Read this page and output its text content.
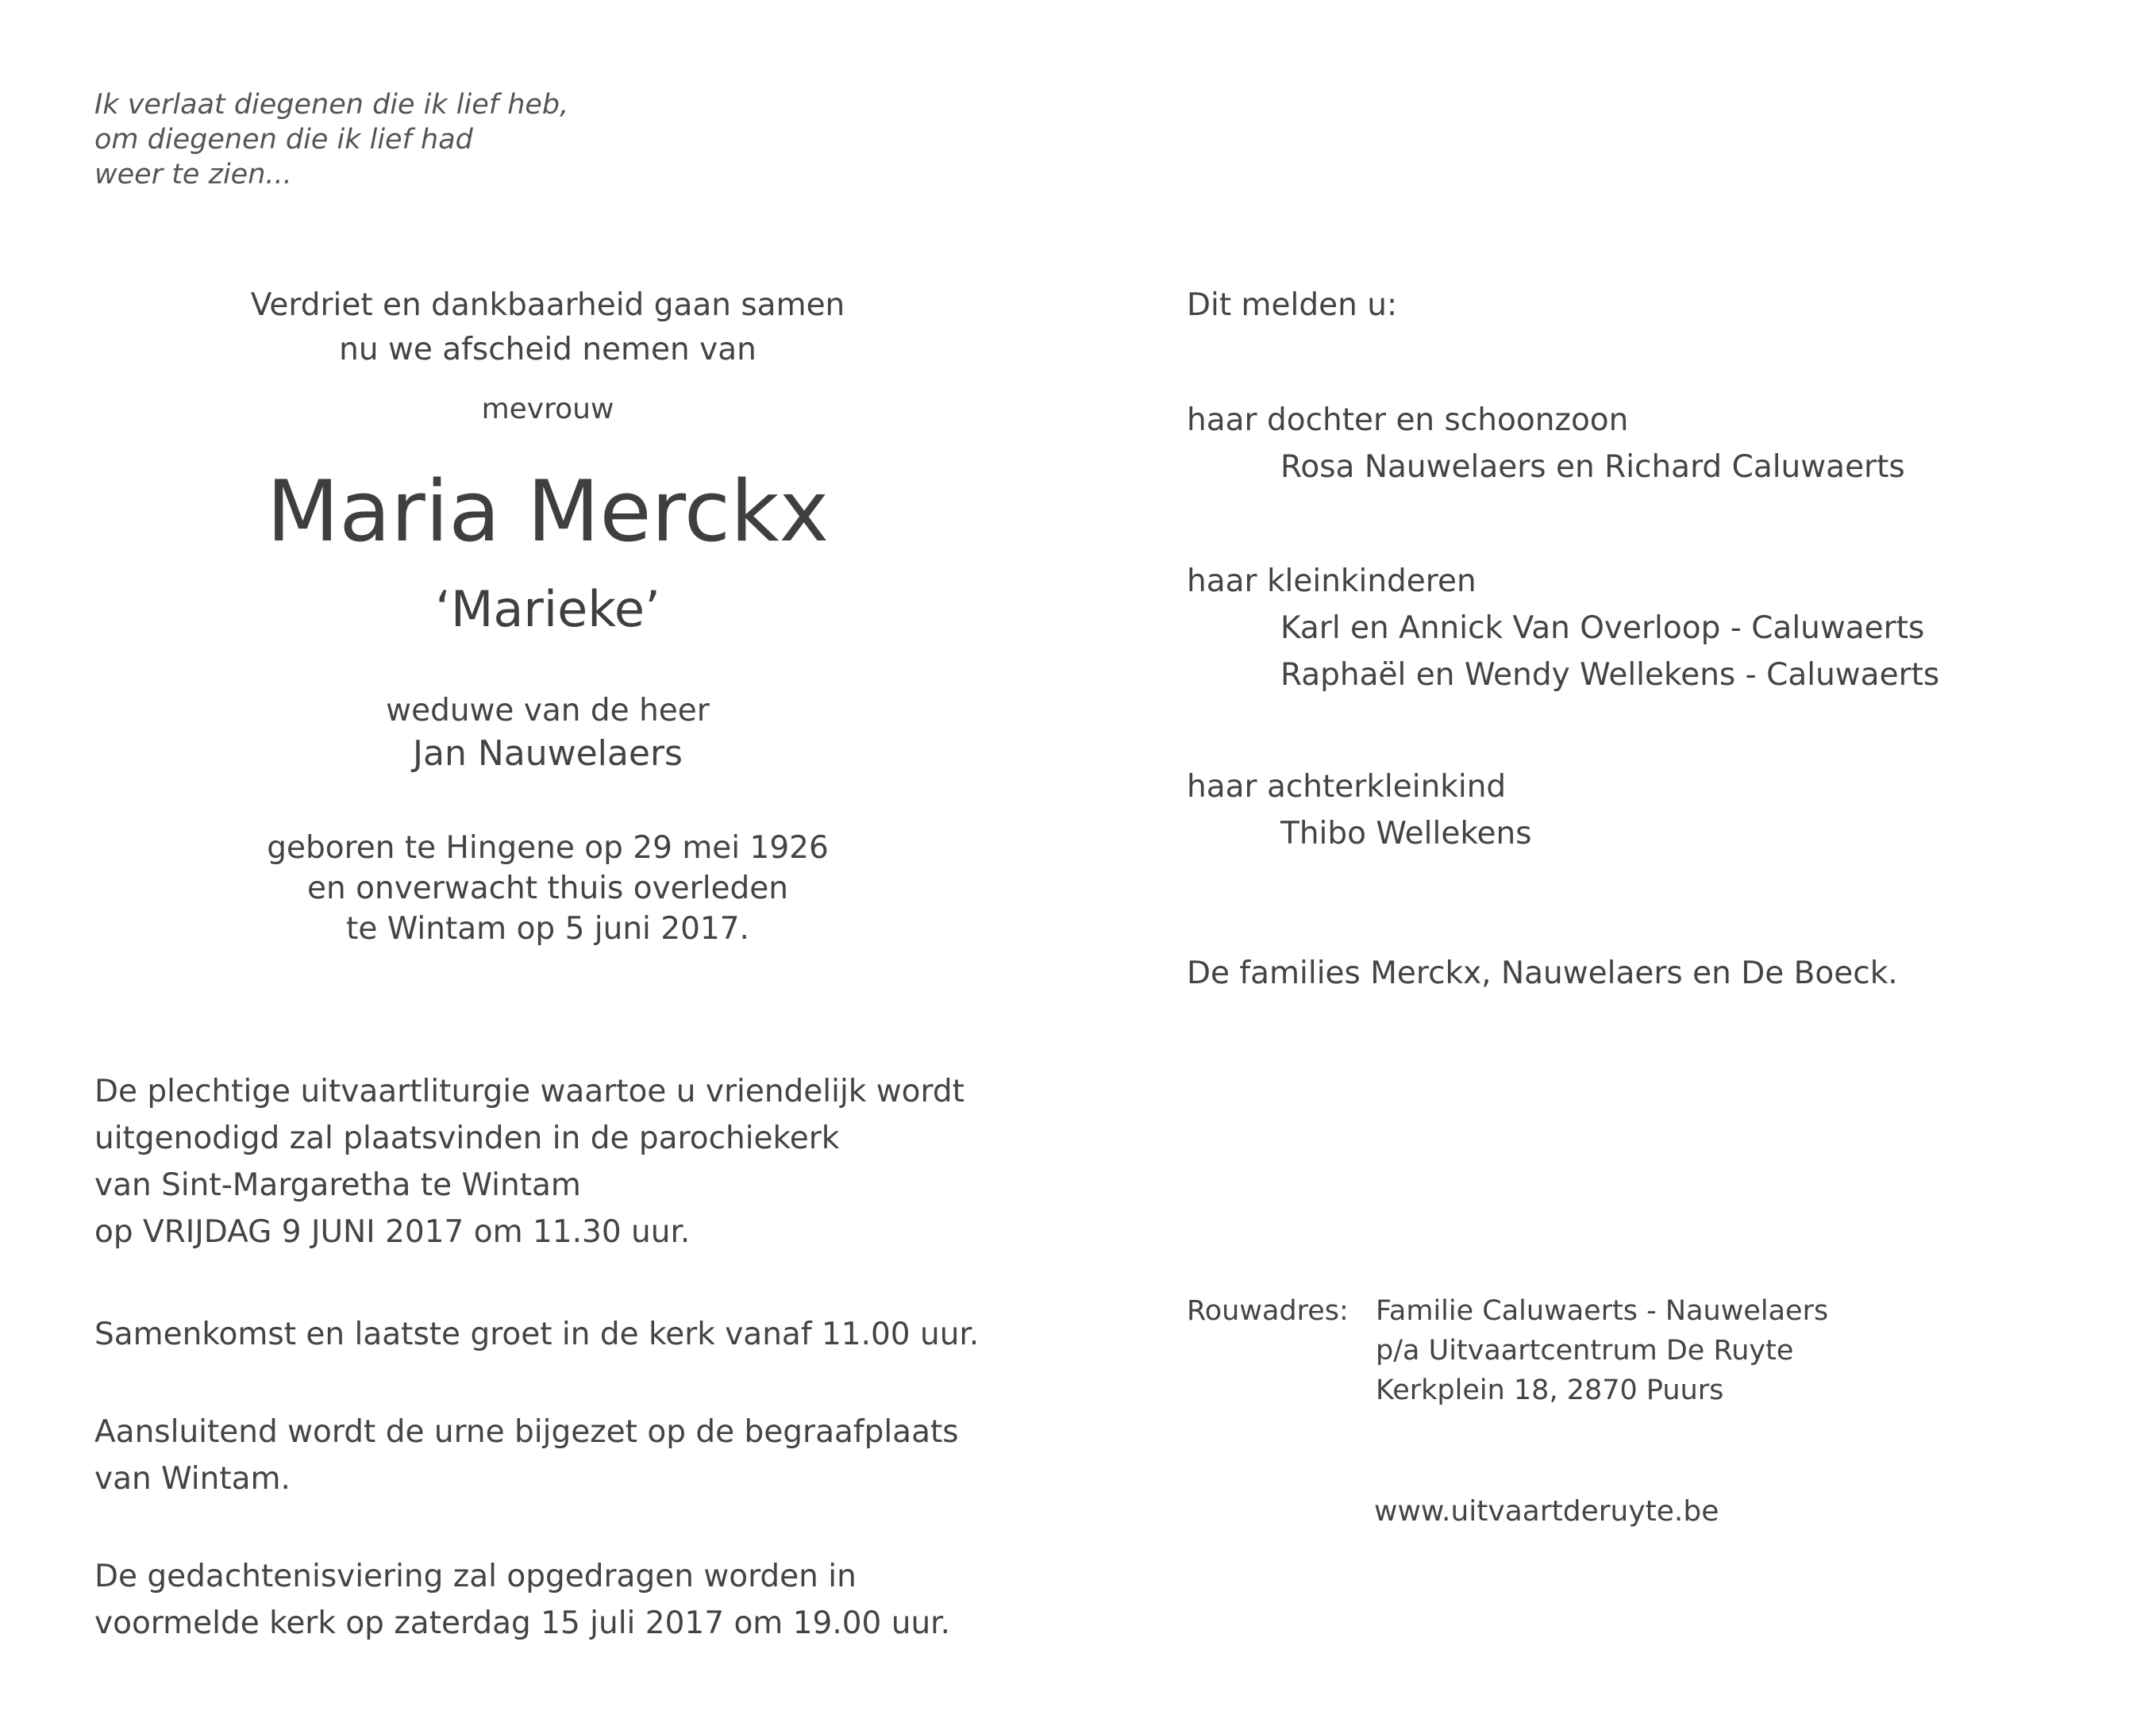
Ik verlaat diegenen die ik lief heb,
om diegenen die ik lief had
weer te zien...
Verdriet en dankbaarheid gaan samen
nu we afscheid nemen van
mevrouw
Maria Merckx
‘Marieke’
weduwe van de heer
Jan Nauwelaers
geboren te Hingene op 29 mei 1926
en onverwacht thuis overleden
te Wintam op 5 juni 2017.
De plechtige uitvaartliturgie waartoe u vriendelijk wordt
uitgenodigd zal plaatsvinden in de parochiekerk
van Sint-Margaretha te Wintam
op VRIJDAG 9 JUNI 2017 om 11.30 uur.
Samenkomst en laatste groet in de kerk vanaf 11.00 uur.
Aansluitend wordt de urne bijgezet op de begraafplaats
van Wintam.
De gedachtenisviering zal opgedragen worden in
voormelde kerk op zaterdag 15 juli 2017 om 19.00 uur.
Dit melden u:
haar dochter en schoonzoon
Rosa Nauwelaers en Richard Caluwaerts
haar kleinkinderen
Karl en Annick Van Overloop - Caluwaerts
Raphaël en Wendy Wellekens - Caluwaerts
haar achterkleinkind
Thibo Wellekens
De families Merckx, Nauwelaers en De Boeck.
Rouwadres: Familie Caluwaerts - Nauwelaers
p/a Uitvaartcentrum De Ruyte
Kerkplein 18, 2870 Puurs
www.uitvaartderuyte.be
